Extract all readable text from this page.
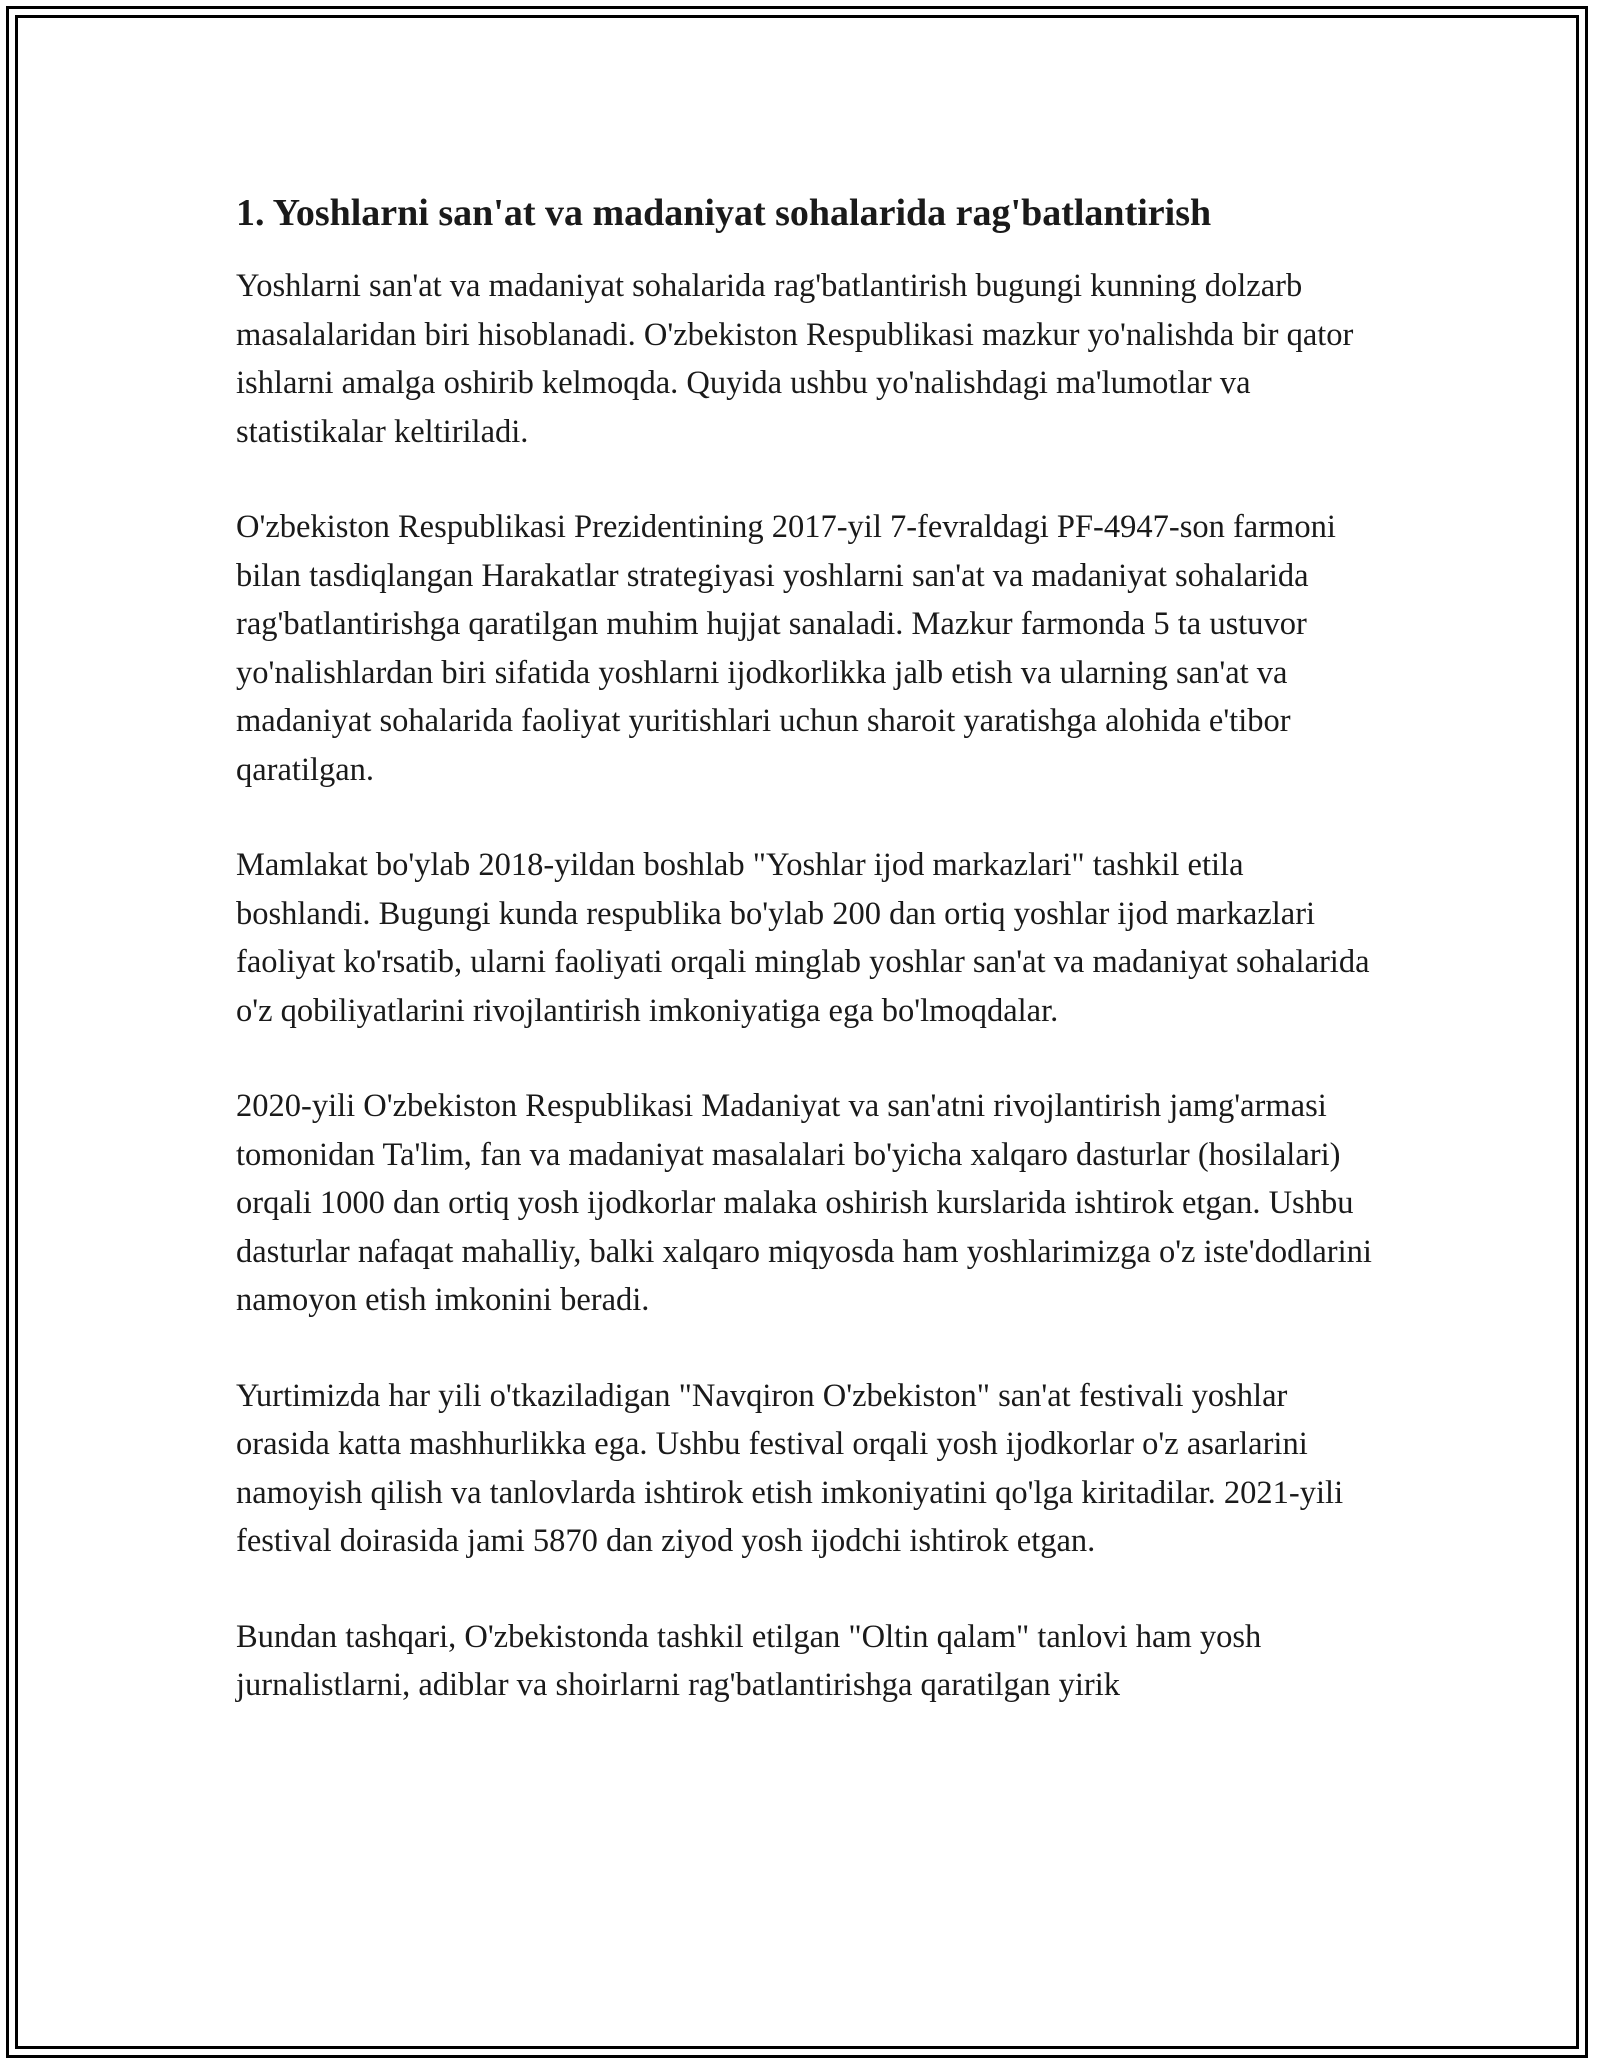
1. Yoshlarni san'at va madaniyat sohalarida rag'batlantirish

Yoshlarni san'at va madaniyat sohalarida rag'batlantirish bugungi kunning dolzarb masalalaridan biri hisoblanadi. O'zbekiston Respublikasi mazkur yo'nalishda bir qator ishlarni amalga oshirib kelmoqda. Quyida ushbu yo'nalishdagi ma'lumotlar va statistikalar keltiriladi.

O'zbekiston Respublikasi Prezidentining 2017-yil 7-fevraldagi PF-4947-son farmoni bilan tasdiqlangan Harakatlar strategiyasi yoshlarni san'at va madaniyat sohalarida rag'batlantirishga qaratilgan muhim hujjat sanaladi. Mazkur farmonda 5 ta ustuvor yo'nalishlardan biri sifatida yoshlarni ijodkorlikka jalb etish va ularning san'at va madaniyat sohalarida faoliyat yuritishlari uchun sharoit yaratishga alohida e'tibor qaratilgan.

Mamlakat bo'ylab 2018-yildan boshlab "Yoshlar ijod markazlari" tashkil etila boshlandi. Bugungi kunda respublika bo'ylab 200 dan ortiq yoshlar ijod markazlari faoliyat ko'rsatib, ularni faoliyati orqali minglab yoshlar san'at va madaniyat sohalarida o'z qobiliyatlarini rivojlantirish imkoniyatiga ega bo'lmoqdalar.

2020-yili O'zbekiston Respublikasi Madaniyat va san'atni rivojlantirish jamg'armasi tomonidan Ta'lim, fan va madaniyat masalalari bo'yicha xalqaro dasturlar (hosilalari) orqali 1000 dan ortiq yosh ijodkorlar malaka oshirish kurslarida ishtirok etgan. Ushbu dasturlar nafaqat mahalliy, balki xalqaro miqyosda ham yoshlarimizga o'z iste'dodlarini namoyon etish imkonini beradi.

Yurtimizda har yili o'tkaziladigan "Navqiron O'zbekiston" san'at festivali yoshlar orasida katta mashhurlikka ega. Ushbu festival orqali yosh ijodkorlar o'z asarlarini namoyish qilish va tanlovlarda ishtirok etish imkoniyatini qo'lga kiritadilar. 2021-yili festival doirasida jami 5870 dan ziyod yosh ijodchi ishtirok etgan.

Bundan tashqari, O'zbekistonda tashkil etilgan "Oltin qalam" tanlovi ham yosh jurnalistlarni, adiblar va shoirlarni rag'batlantirishga qaratilgan yirik
